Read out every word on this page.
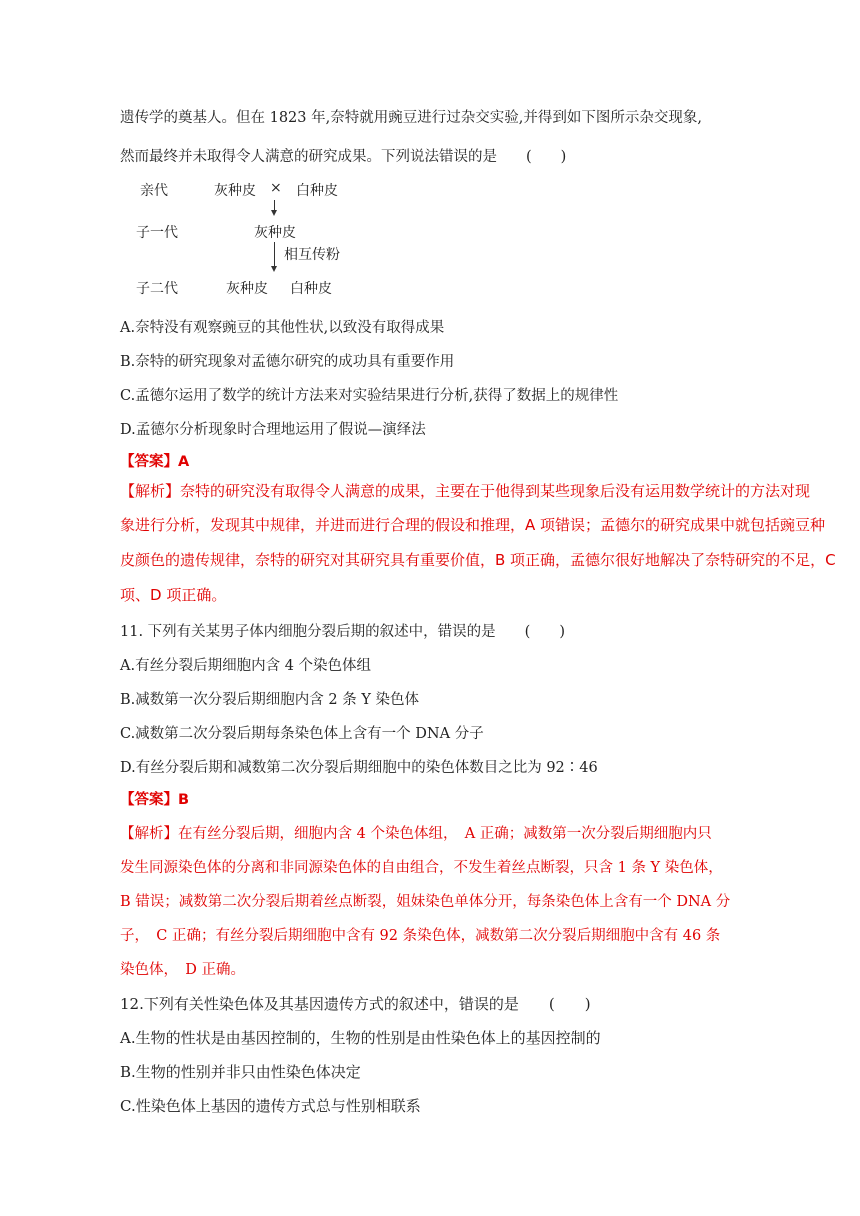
遗传学的奠基人。但在 1823 年,奈特就用豌豆进行过杂交实验,并得到如下图所示杂交现象,
然而最终并未取得令人满意的研究成果。下列说法错误的是　　(　　)
亲代	灰种皮 × 白种皮
子一代	灰种皮
相互传粉
子二代	灰种皮 白种皮
A.奈特没有观察豌豆的其他性状,以致没有取得成果
B.奈特的研究现象对孟德尔研究的成功具有重要作用
C.孟德尔运用了数学的统计方法来对实验结果进行分析,获得了数据上的规律性
D.孟德尔分析现象时合理地运用了假说—演绎法
【答案】A
【解析】奈特的研究没有取得令人满意的成果，主要在于他得到某些现象后没有运用数学统计的方法对现
象进行分析，发现其中规律，并进而进行合理的假设和推理，A 项错误；孟德尔的研究成果中就包括豌豆种
皮颜色的遗传规律，奈特的研究对其研究具有重要价值，B 项正确，孟德尔很好地解决了奈特研究的不足，C
项、D 项正确。
11. 下列有关某男子体内细胞分裂后期的叙述中，错误的是　　(　　)
A.有丝分裂后期细胞内含 4 个染色体组
B.减数第一次分裂后期细胞内含 2 条 Y 染色体
C.减数第二次分裂后期每条染色体上含有一个 DNA 分子
D.有丝分裂后期和减数第二次分裂后期细胞中的染色体数目之比为 92∶46
【答案】B
【解析】在有丝分裂后期，细胞内含 4 个染色体组，　A 正确；减数第一次分裂后期细胞内只
发生同源染色体的分离和非同源染色体的自由组合，不发生着丝点断裂，只含 1 条 Y 染色体，
B 错误；减数第二次分裂后期着丝点断裂，姐妹染色单体分开，每条染色体上含有一个 DNA 分
子，　C 正确；有丝分裂后期细胞中含有 92 条染色体，减数第二次分裂后期细胞中含有 46 条
染色体，　D 正确。
12.下列有关性染色体及其基因遗传方式的叙述中，错误的是　　(　　)
A.生物的性状是由基因控制的，生物的性别是由性染色体上的基因控制的
B.生物的性别并非只由性染色体决定
C.性染色体上基因的遗传方式总与性别相联系
